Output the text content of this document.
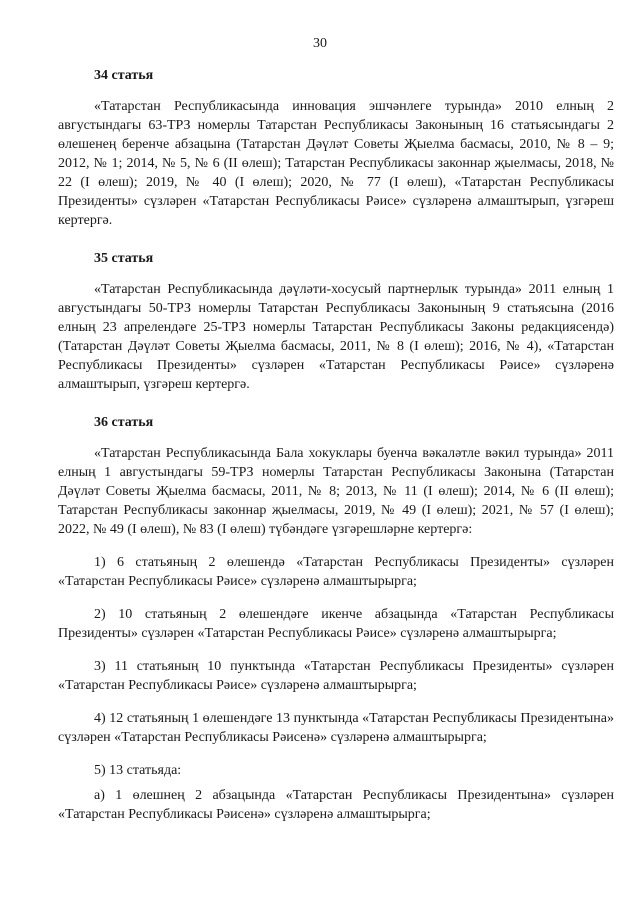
30
34 статья

«Татарстан Республикасында инновация эшчәнлеге турында» 2010 елның 2 августындагы 63-ТРЗ номерлы Татарстан Республикасы Законының 16 статьясындагы 2 өлешенең беренче абзацына (Татарстан Дәүләт Советы Җыелма басмасы, 2010, № 8 – 9; 2012, № 1; 2014, № 5, № 6 (II өлеш); Татарстан Республикасы законнар җыелмасы, 2018, № 22 (I өлеш); 2019, № 40 (I өлеш); 2020, № 77 (I өлеш), «Татарстан Республикасы Президенты» сүзләрен «Татарстан Республикасы Рәисе» сүзләренә алмаштырып, үзгәреш кертергә.

35 статья

«Татарстан Республикасында дәүләти-хосусый партнерлык турында» 2011 елның 1 августындагы 50-ТРЗ номерлы Татарстан Республикасы Законының 9 статьясына (2016 елның 23 апрелендәге 25-ТРЗ номерлы Татарстан Республикасы Законы редакциясендә) (Татарстан Дәүләт Советы Җыелма басмасы, 2011, № 8 (I өлеш); 2016, № 4), «Татарстан Республикасы Президенты» сүзләрен «Татарстан Республикасы Рәисе» сүзләренә алмаштырып, үзгәреш кертергә.

36 статья

«Татарстан Республикасында Бала хокуклары буенча вәкаләтле вәкил турында» 2011 елның 1 августындагы 59-ТРЗ номерлы Татарстан Республикасы Законына (Татарстан Дәүләт Советы Җыелма басмасы, 2011, № 8; 2013, № 11 (I өлеш); 2014, № 6 (II өлеш); Татарстан Республикасы законнар җыелмасы, 2019, № 49 (I өлеш); 2021, № 57 (I өлеш); 2022, № 49 (I өлеш), № 83 (I өлеш) түбәндәге үзгәрешләрне кертергә:

1) 6 статьяның 2 өлешендә «Татарстан Республикасы Президенты» сүзләрен «Татарстан Республикасы Рәисе» сүзләренә алмаштырырга;

2) 10 статьяның 2 өлешендәге икенче абзацында «Татарстан Республикасы Президенты» сүзләрен «Татарстан Республикасы Рәисе» сүзләренә алмаштырырга;

3) 11 статьяның 10 пунктында «Татарстан Республикасы Президенты» сүзләрен «Татарстан Республикасы Рәисе» сүзләренә алмаштырырга;

4) 12 статьяның 1 өлешендәге 13 пунктында «Татарстан Республикасы Президентына» сүзләрен «Татарстан Республикасы Рәисенә» сүзләренә алмаштырырга;

5) 13 статьяда:

а) 1 өлешнең 2 абзацында «Татарстан Республикасы Президентына» сүзләрен «Татарстан Республикасы Рәисенә» сүзләренә алмаштырырга;
